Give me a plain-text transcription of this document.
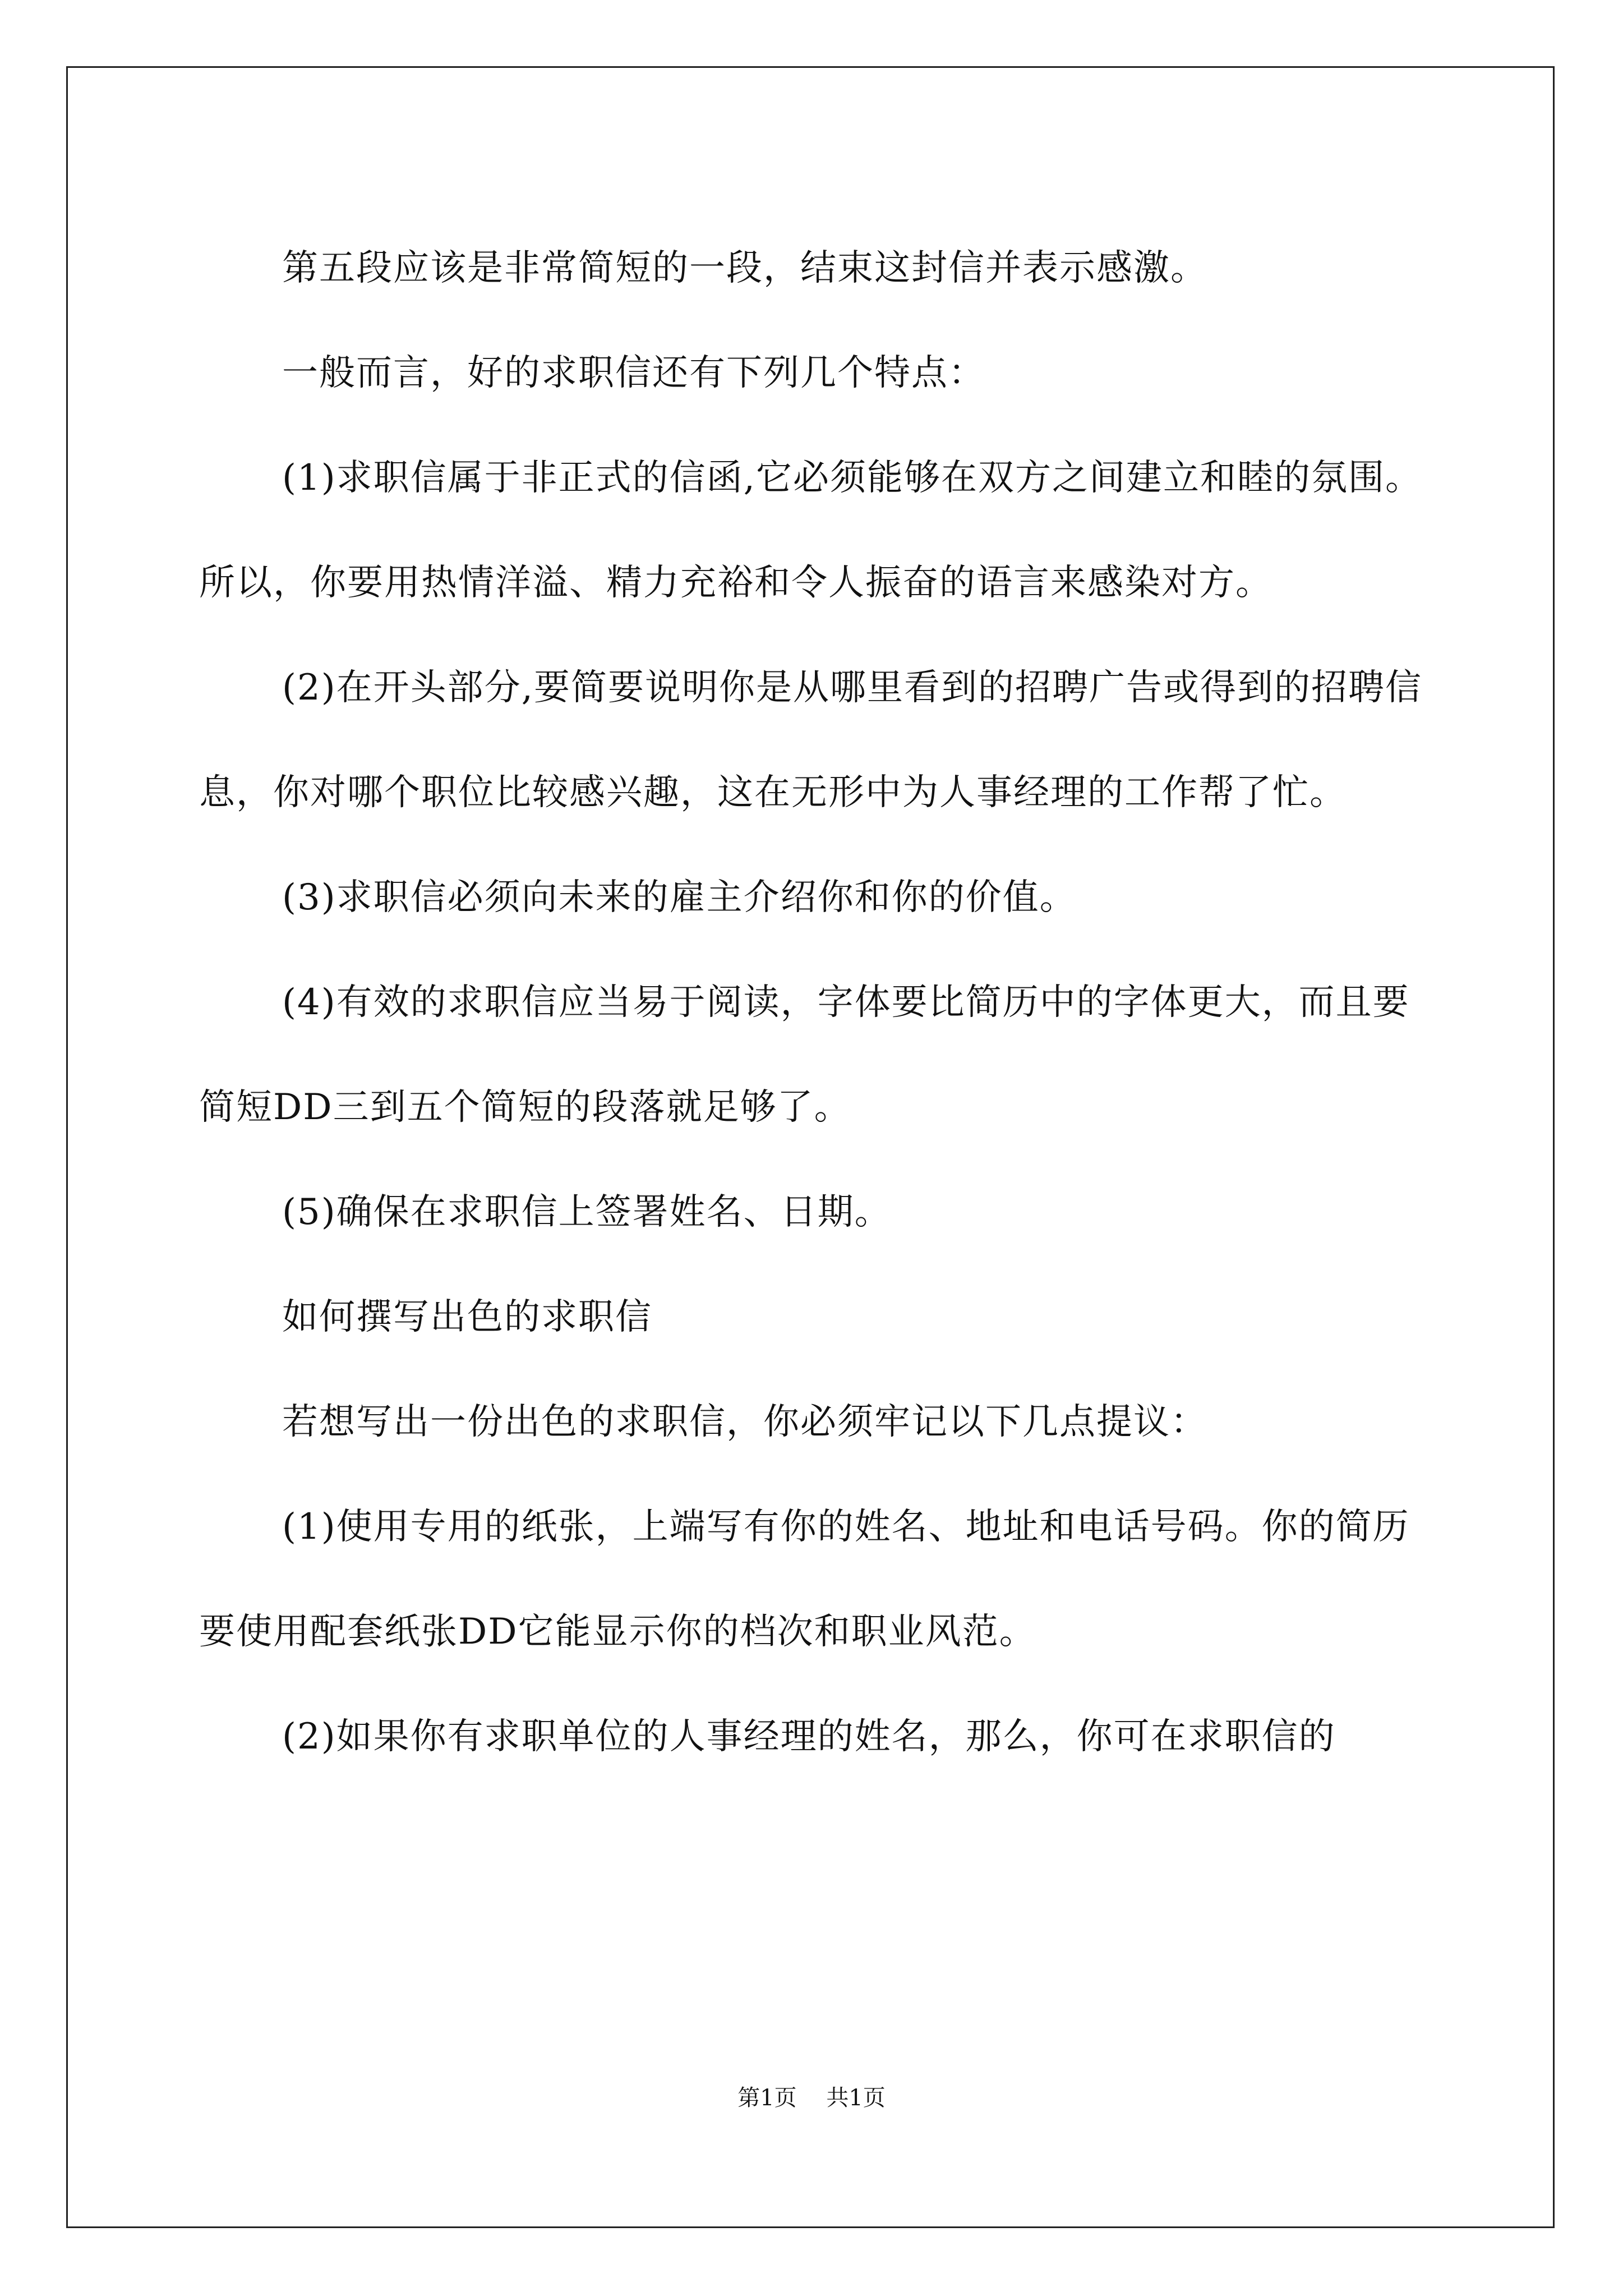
第五段应该是非常简短的一段，结束这封信并表示感激。

一般而言，好的求职信还有下列几个特点：

(1)求职信属于非正式的信函,它必须能够在双方之间建立和睦的氛围。所以，你要用热情洋溢、精力充裕和令人振奋的语言来感染对方。

(2)在开头部分,要简要说明你是从哪里看到的招聘广告或得到的招聘信息，你对哪个职位比较感兴趣，这在无形中为人事经理的工作帮了忙。

(3)求职信必须向未来的雇主介绍你和你的价值。

(4)有效的求职信应当易于阅读，字体要比简历中的字体更大，而且要简短DD三到五个简短的段落就足够了。

(5)确保在求职信上签署姓名、日期。

如何撰写出色的求职信

若想写出一份出色的求职信，你必须牢记以下几点提议：

(1)使用专用的纸张，上端写有你的姓名、地址和电话号码。你的简历要使用配套纸张DD它能显示你的档次和职业风范。

(2)如果你有求职单位的人事经理的姓名，那么，你可在求职信的

第1页 共1页
